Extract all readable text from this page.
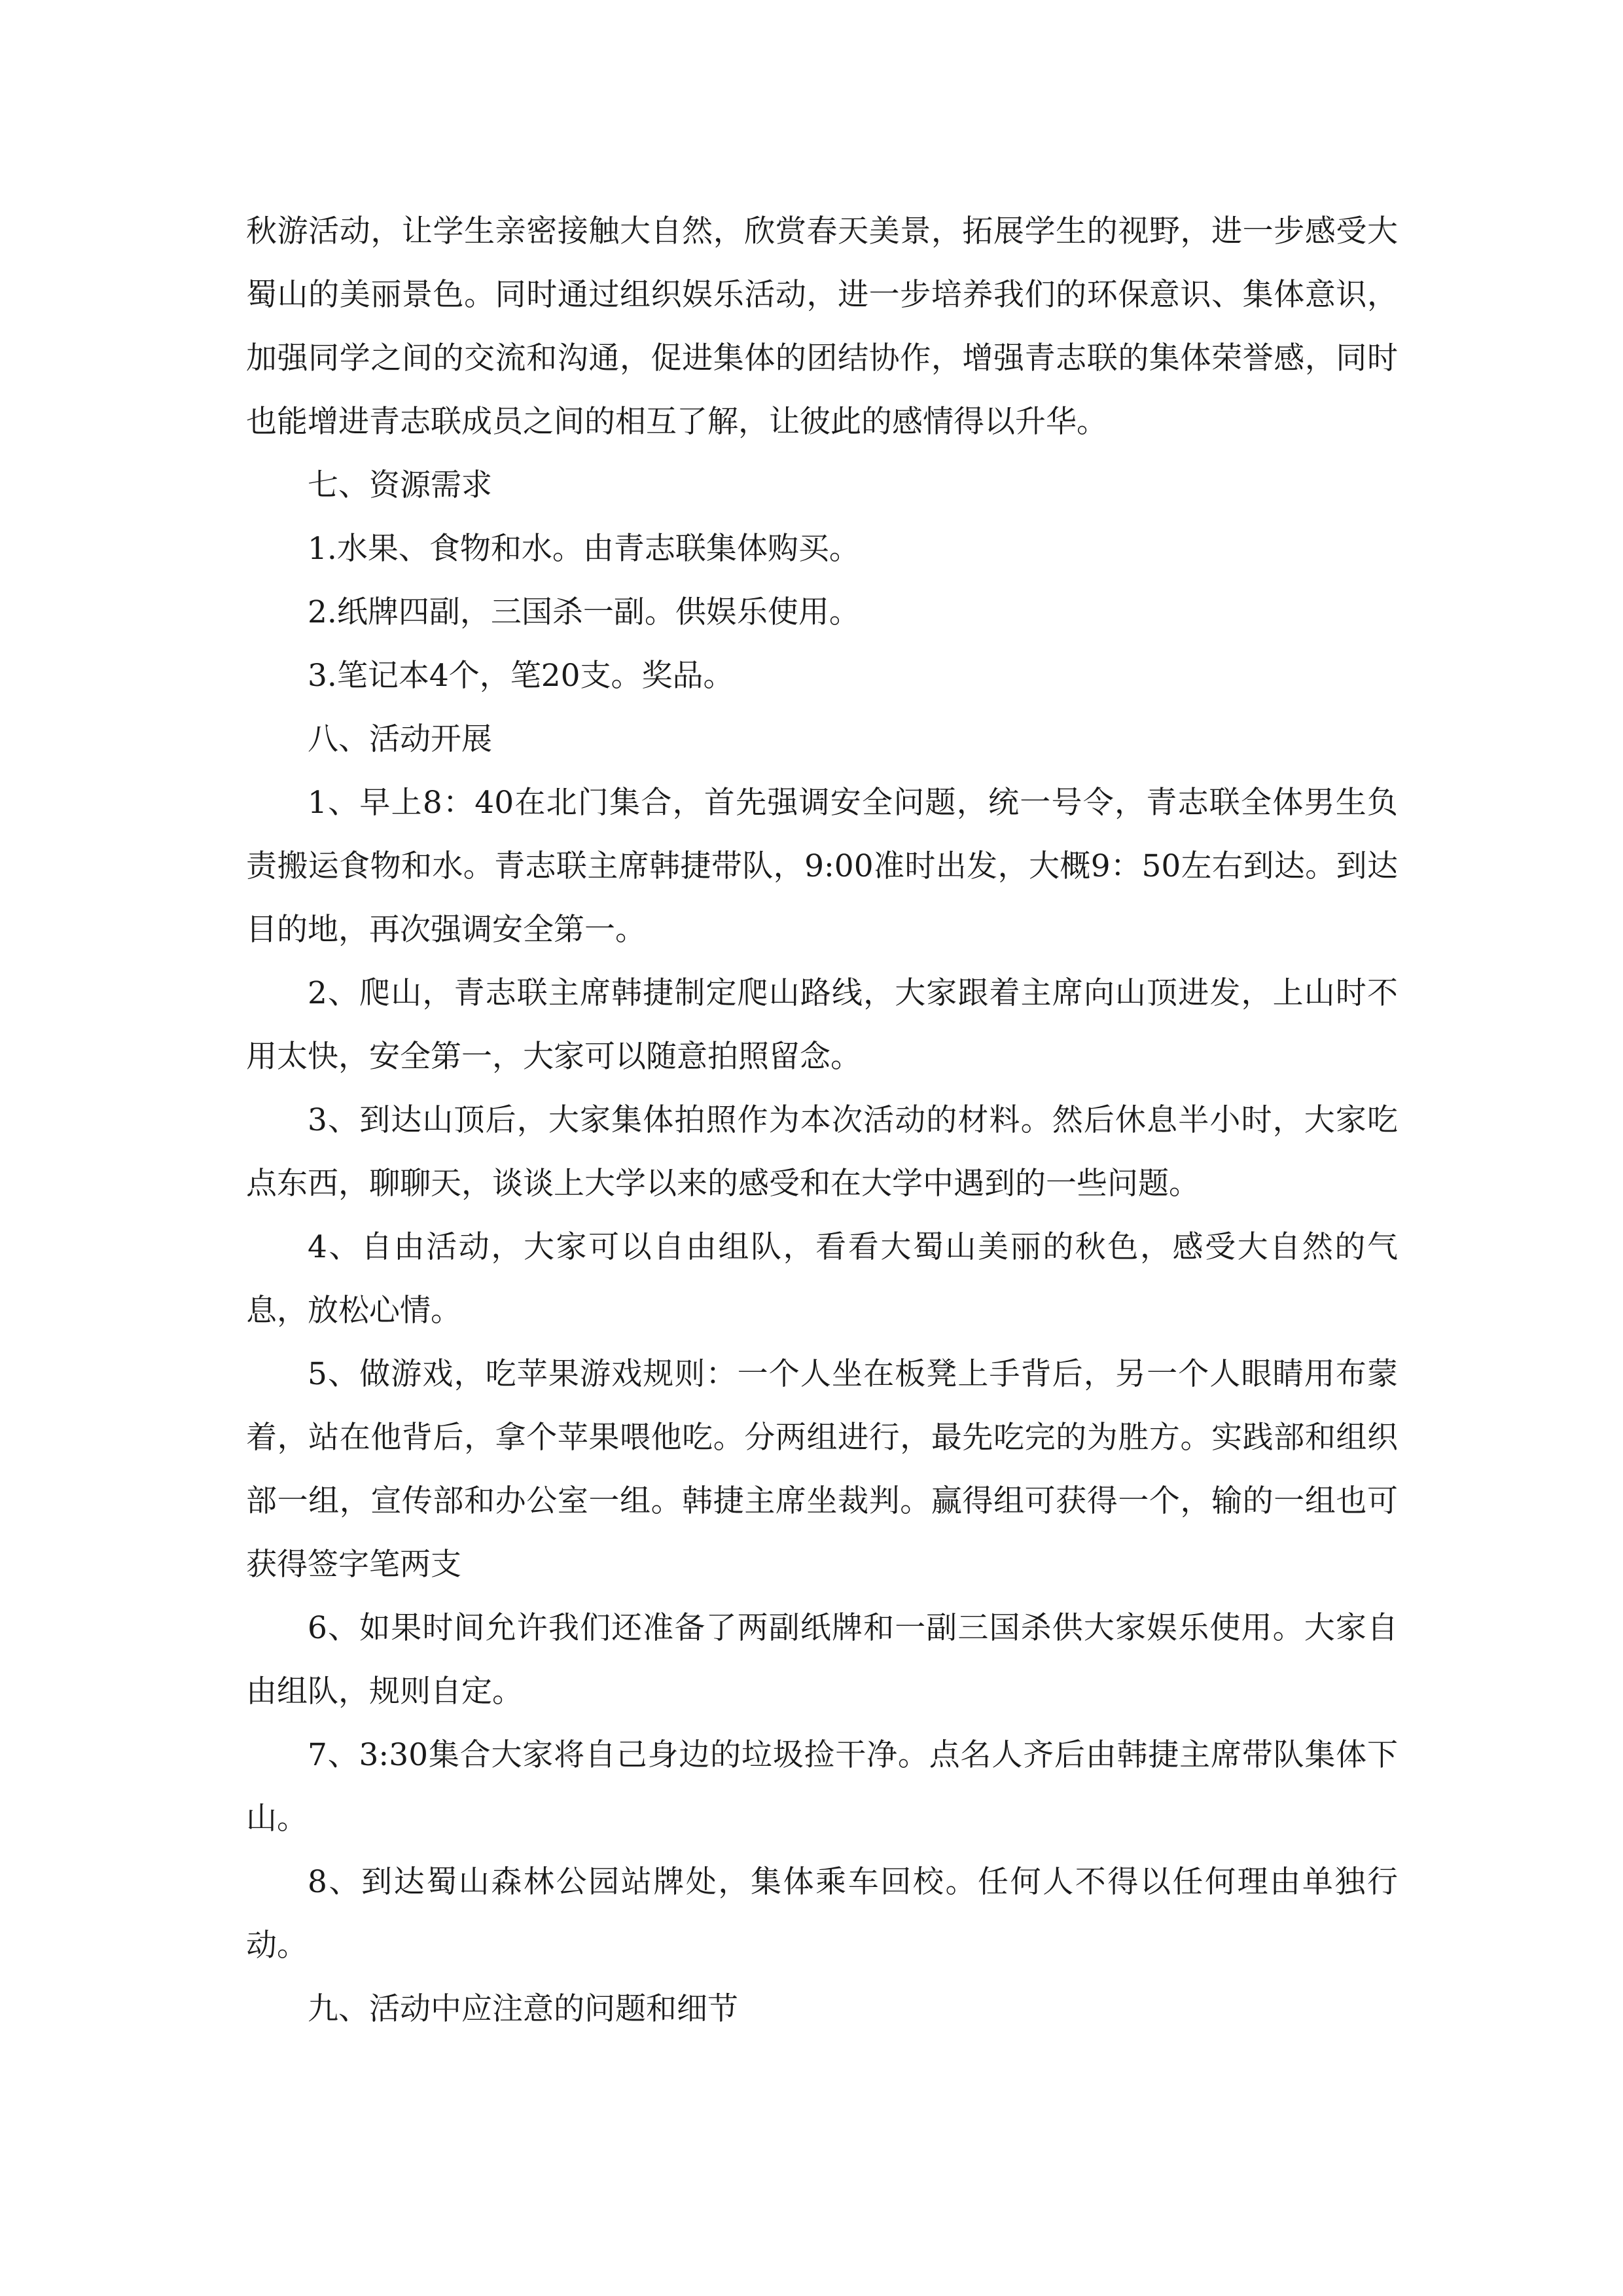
秋游活动，让学生亲密接触大自然，欣赏春天美景，拓展学生的视野，进一步感受大蜀山的美丽景色。同时通过组织娱乐活动，进一步培养我们的环保意识、集体意识，加强同学之间的交流和沟通，促进集体的团结协作，增强青志联的集体荣誉感，同时也能增进青志联成员之间的相互了解，让彼此的感情得以升华。

七、资源需求

1.水果、食物和水。由青志联集体购买。

2.纸牌四副，三国杀一副。供娱乐使用。

3.笔记本4个，笔20支。奖品。

八、活动开展

1、早上8：40在北门集合，首先强调安全问题，统一号令，青志联全体男生负责搬运食物和水。青志联主席韩捷带队，9:00准时出发，大概9：50左右到达。到达目的地，再次强调安全第一。

2、爬山，青志联主席韩捷制定爬山路线，大家跟着主席向山顶进发，上山时不用太快，安全第一，大家可以随意拍照留念。

3、到达山顶后，大家集体拍照作为本次活动的材料。然后休息半小时，大家吃点东西，聊聊天，谈谈上大学以来的感受和在大学中遇到的一些问题。

4、自由活动，大家可以自由组队，看看大蜀山美丽的秋色，感受大自然的气息，放松心情。

5、做游戏，吃苹果游戏规则：一个人坐在板凳上手背后，另一个人眼睛用布蒙着，站在他背后，拿个苹果喂他吃。分两组进行，最先吃完的为胜方。实践部和组织部一组，宣传部和办公室一组。韩捷主席坐裁判。赢得组可获得一个，输的一组也可获得签字笔两支

6、如果时间允许我们还准备了两副纸牌和一副三国杀供大家娱乐使用。大家自由组队，规则自定。

7、3:30集合大家将自己身边的垃圾捡干净。点名人齐后由韩捷主席带队集体下山。

8、到达蜀山森林公园站牌处，集体乘车回校。任何人不得以任何理由单独行动。

九、活动中应注意的问题和细节
